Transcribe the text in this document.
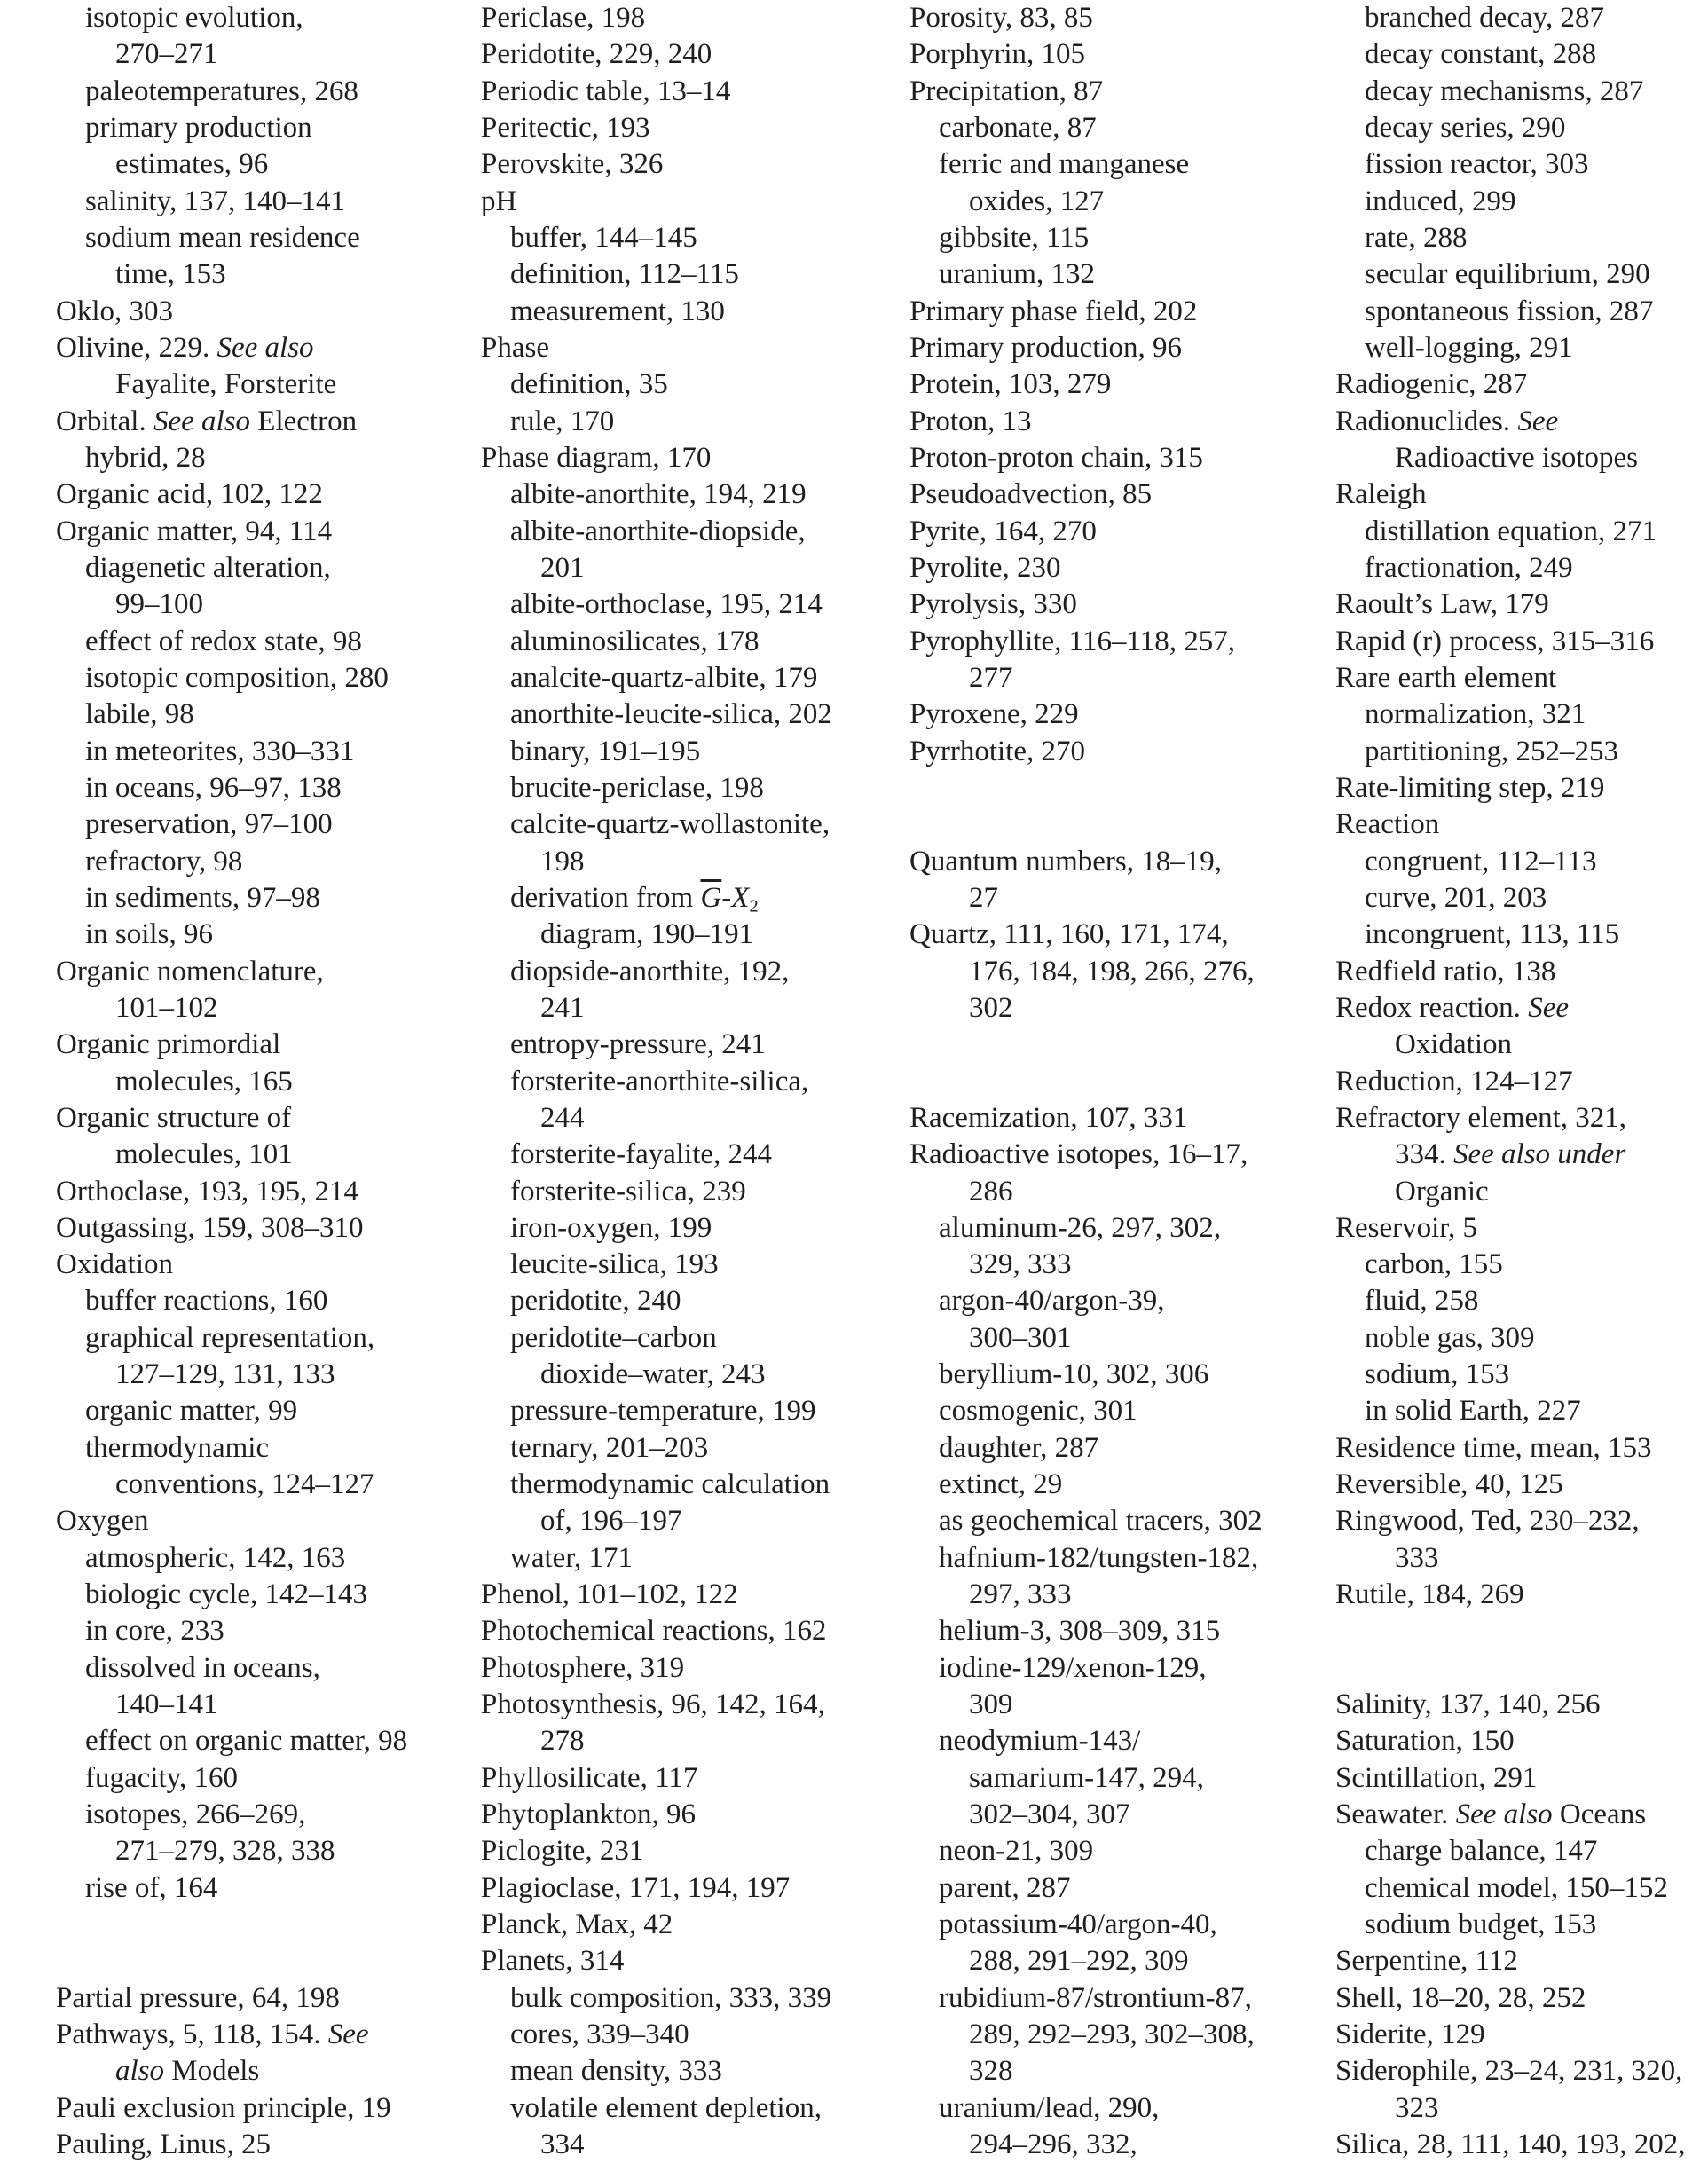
isotopic evolution,
270–271
paleotemperatures, 268
primary production
estimates, 96
salinity, 137, 140–141
sodium mean residence
time, 153
Oklo, 303
Olivine, 229. See also
Fayalite, Forsterite
Orbital. See also Electron
hybrid, 28
Organic acid, 102, 122
Organic matter, 94, 114
diagenetic alteration,
99–100
effect of redox state, 98
isotopic composition, 280
labile, 98
in meteorites, 330–331
in oceans, 96–97, 138
preservation, 97–100
refractory, 98
in sediments, 97–98
in soils, 96
Organic nomenclature,
101–102
Organic primordial
molecules, 165
Organic structure of
molecules, 101
Orthoclase, 193, 195, 214
Outgassing, 159, 308–310
Oxidation
buffer reactions, 160
graphical representation,
127–129, 131, 133
organic matter, 99
thermodynamic
conventions, 124–127
Oxygen
atmospheric, 142, 163
biologic cycle, 142–143
in core, 233
dissolved in oceans,
140–141
effect on organic matter, 98
fugacity, 160
isotopes, 266–269,
271–279, 328, 338
rise of, 164
Partial pressure, 64, 198
Pathways, 5, 118, 154. See
also Models
Pauli exclusion principle, 19
Pauling, Linus, 25
Periclase, 198
Peridotite, 229, 240
Periodic table, 13–14
Peritectic, 193
Perovskite, 326
pH
buffer, 144–145
definition, 112–115
measurement, 130
Phase
definition, 35
rule, 170
Phase diagram, 170
albite-anorthite, 194, 219
albite-anorthite-diopside,
201
albite-orthoclase, 195, 214
aluminosilicates, 178
analcite-quartz-albite, 179
anorthite-leucite-silica, 202
binary, 191–195
brucite-periclase, 198
calcite-quartz-wollastonite,
198
derivation from $\overline{G}-X_2$
diagram, 190–191
diopside-anorthite, 192,
241
entropy-pressure, 241
forsterite-anorthite-silica,
244
forsterite-fayalite, 244
forsterite-silica, 239
iron-oxygen, 199
leucite-silica, 193
peridotite, 240
peridotite–carbon
dioxide–water, 243
pressure-temperature, 199
ternary, 201–203
thermodynamic calculation
of, 196–197
water, 171
Phenol, 101–102, 122
Photochemical reactions, 162
Photosphere, 319
Photosynthesis, 96, 142, 164,
278
Phyllosilicate, 117
Phytoplankton, 96
Piclogite, 231
Plagioclase, 171, 194, 197
Planck, Max, 42
Planets, 314
bulk composition, 333, 339
cores, 339–340
mean density, 333
volatile element depletion,
334
Porosity, 83, 85
Porphyrin, 105
Precipitation, 87
carbonate, 87
ferric and manganese
oxides, 127
gibbsite, 115
uranium, 132
Primary phase field, 202
Primary production, 96
Protein, 103, 279
Proton, 13
Proton-proton chain, 315
Pseudoadvection, 85
Pyrite, 164, 270
Pyrolite, 230
Pyrolysis, 330
Pyrophyllite, 116–118, 257,
277
Pyroxene, 229
Pyrrhotite, 270
Quantum numbers, 18–19,
27
Quartz, 111, 160, 171, 174,
176, 184, 198, 266, 276,
302
Racemization, 107, 331
Radioactive isotopes, 16–17,
286
aluminum-26, 297, 302,
329, 333
argon-40/argon-39,
300–301
beryllium-10, 302, 306
cosmogenic, 301
daughter, 287
extinct, 29
as geochemical tracers, 302
hafnium-182/tungsten-182,
297, 333
helium-3, 308–309, 315
iodine-129/xenon-129,
309
neodymium-143/
samarium-147, 294,
302–304, 307
neon-21, 309
parent, 287
potassium-40/argon-40,
288, 291–292, 309
rubidium-87/strontium-87,
289, 292–293, 302–308,
328
uranium/lead, 290,
294–296, 332,
branched decay, 287
decay constant, 288
decay mechanisms, 287
decay series, 290
fission reactor, 303
induced, 299
rate, 288
secular equilibrium, 290
spontaneous fission, 287
well-logging, 291
Radiogenic, 287
Radionuclides. See
Radioactive isotopes
Raleigh
distillation equation, 271
fractionation, 249
Raoult’s Law, 179
Rapid (r) process, 315–316
Rare earth element
normalization, 321
partitioning, 252–253
Rate-limiting step, 219
Reaction
congruent, 112–113
curve, 201, 203
incongruent, 113, 115
Redfield ratio, 138
Redox reaction. See
Oxidation
Reduction, 124–127
Refractory element, 321,
334. See also under
Organic
Reservoir, 5
carbon, 155
fluid, 258
noble gas, 309
sodium, 153
in solid Earth, 227
Residence time, mean, 153
Reversible, 40, 125
Ringwood, Ted, 230–232,
333
Rutile, 184, 269
Salinity, 137, 140, 256
Saturation, 150
Scintillation, 291
Seawater. See also Oceans
charge balance, 147
chemical model, 150–152
sodium budget, 153
Serpentine, 112
Shell, 18–20, 28, 252
Siderite, 129
Siderophile, 23–24, 231, 320,
323
Silica, 28, 111, 140, 193, 202,
